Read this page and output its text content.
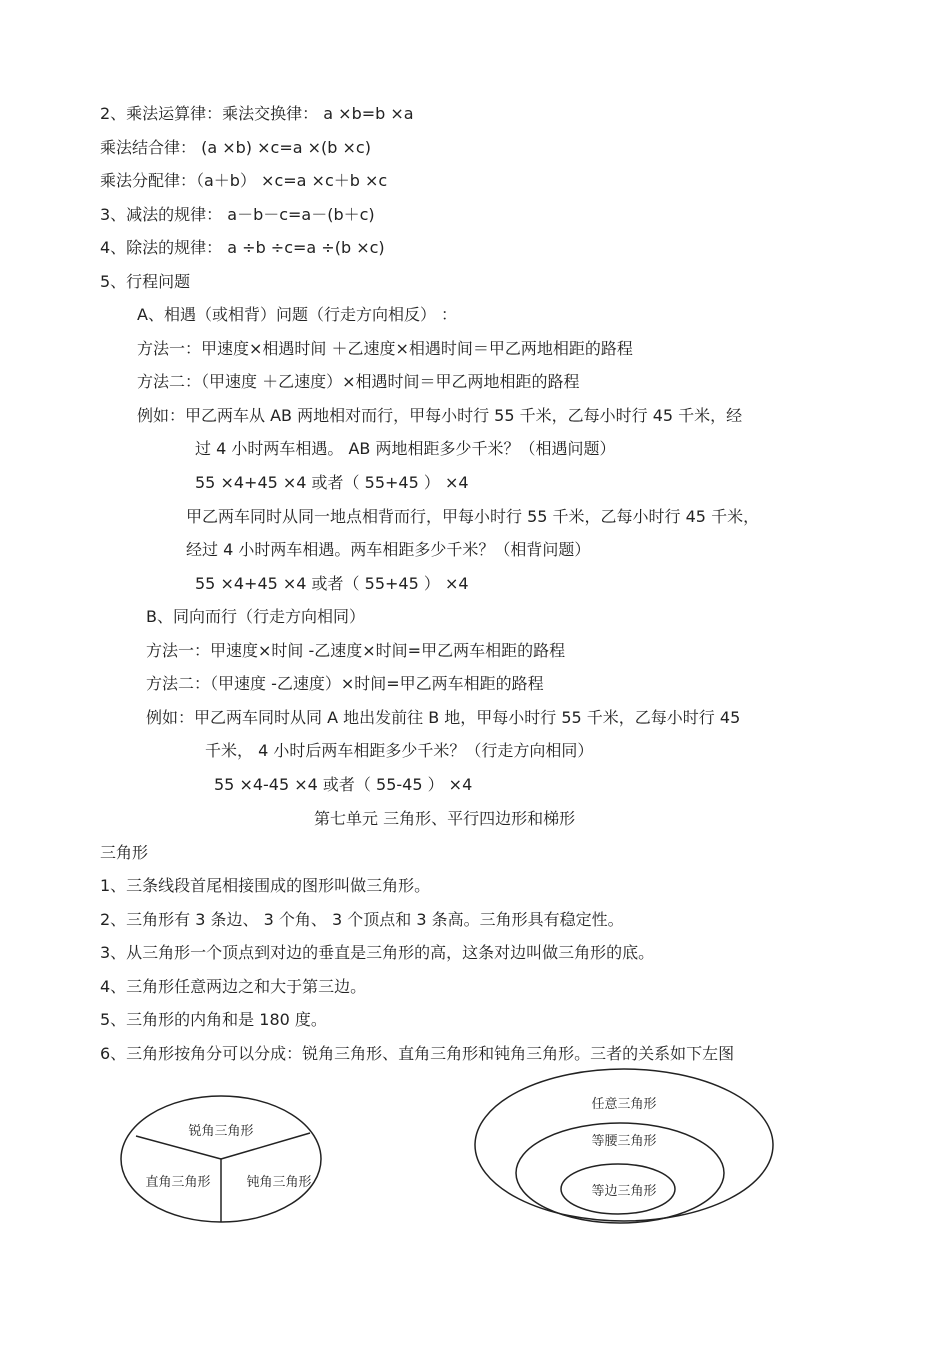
2、乘法运算律：乘法交换律： a ×b=b ×a
乘法结合律： (a ×b) ×c=a ×(b ×c)
乘法分配律：（a＋b） ×c=a ×c＋b ×c
3、减法的规律： a－b－c=a－(b＋c)
4、除法的规律： a ÷b ÷c=a ÷(b ×c)
5、行程问题
A、相遇（或相背）问题（行走方向相反） ：
方法一：甲速度×相遇时间 ＋乙速度×相遇时间＝甲乙两地相距的路程
方法二：（甲速度 ＋乙速度）×相遇时间＝甲乙两地相距的路程
例如：甲乙两车从 AB 两地相对而行，甲每小时行 55 千米，乙每小时行 45 千米，经
过 4 小时两车相遇。 AB 两地相距多少千米？（相遇问题）
55 ×4+45 ×4 或者（ 55+45 ） ×4
甲乙两车同时从同一地点相背而行，甲每小时行 55 千米，乙每小时行 45 千米，
经过 4 小时两车相遇。两车相距多少千米？（相背问题）
55 ×4+45 ×4 或者（ 55+45 ） ×4
B、同向而行（行走方向相同）
方法一：甲速度×时间 -乙速度×时间=甲乙两车相距的路程
方法二：（甲速度 -乙速度）×时间=甲乙两车相距的路程
例如：甲乙两车同时从同 A 地出发前往 B 地，甲每小时行 55 千米，乙每小时行 45
千米， 4 小时后两车相距多少千米？（行走方向相同）
55 ×4-45 ×4 或者（ 55-45 ） ×4
第七单元 三角形、平行四边形和梯形
三角形
1、三条线段首尾相接围成的图形叫做三角形。
2、三角形有 3 条边、 3 个角、 3 个顶点和 3 条高。三角形具有稳定性。
3、从三角形一个顶点到对边的垂直是三角形的高，这条对边叫做三角形的底。
4、三角形任意两边之和大于第三边。
5、三角形的内角和是 180 度。
6、三角形按角分可以分成：锐角三角形、直角三角形和钝角三角形。三者的关系如下左图
锐角三角形
直角三角形	钝角三角形
任意三角形
等腰三角形
等边三角形
